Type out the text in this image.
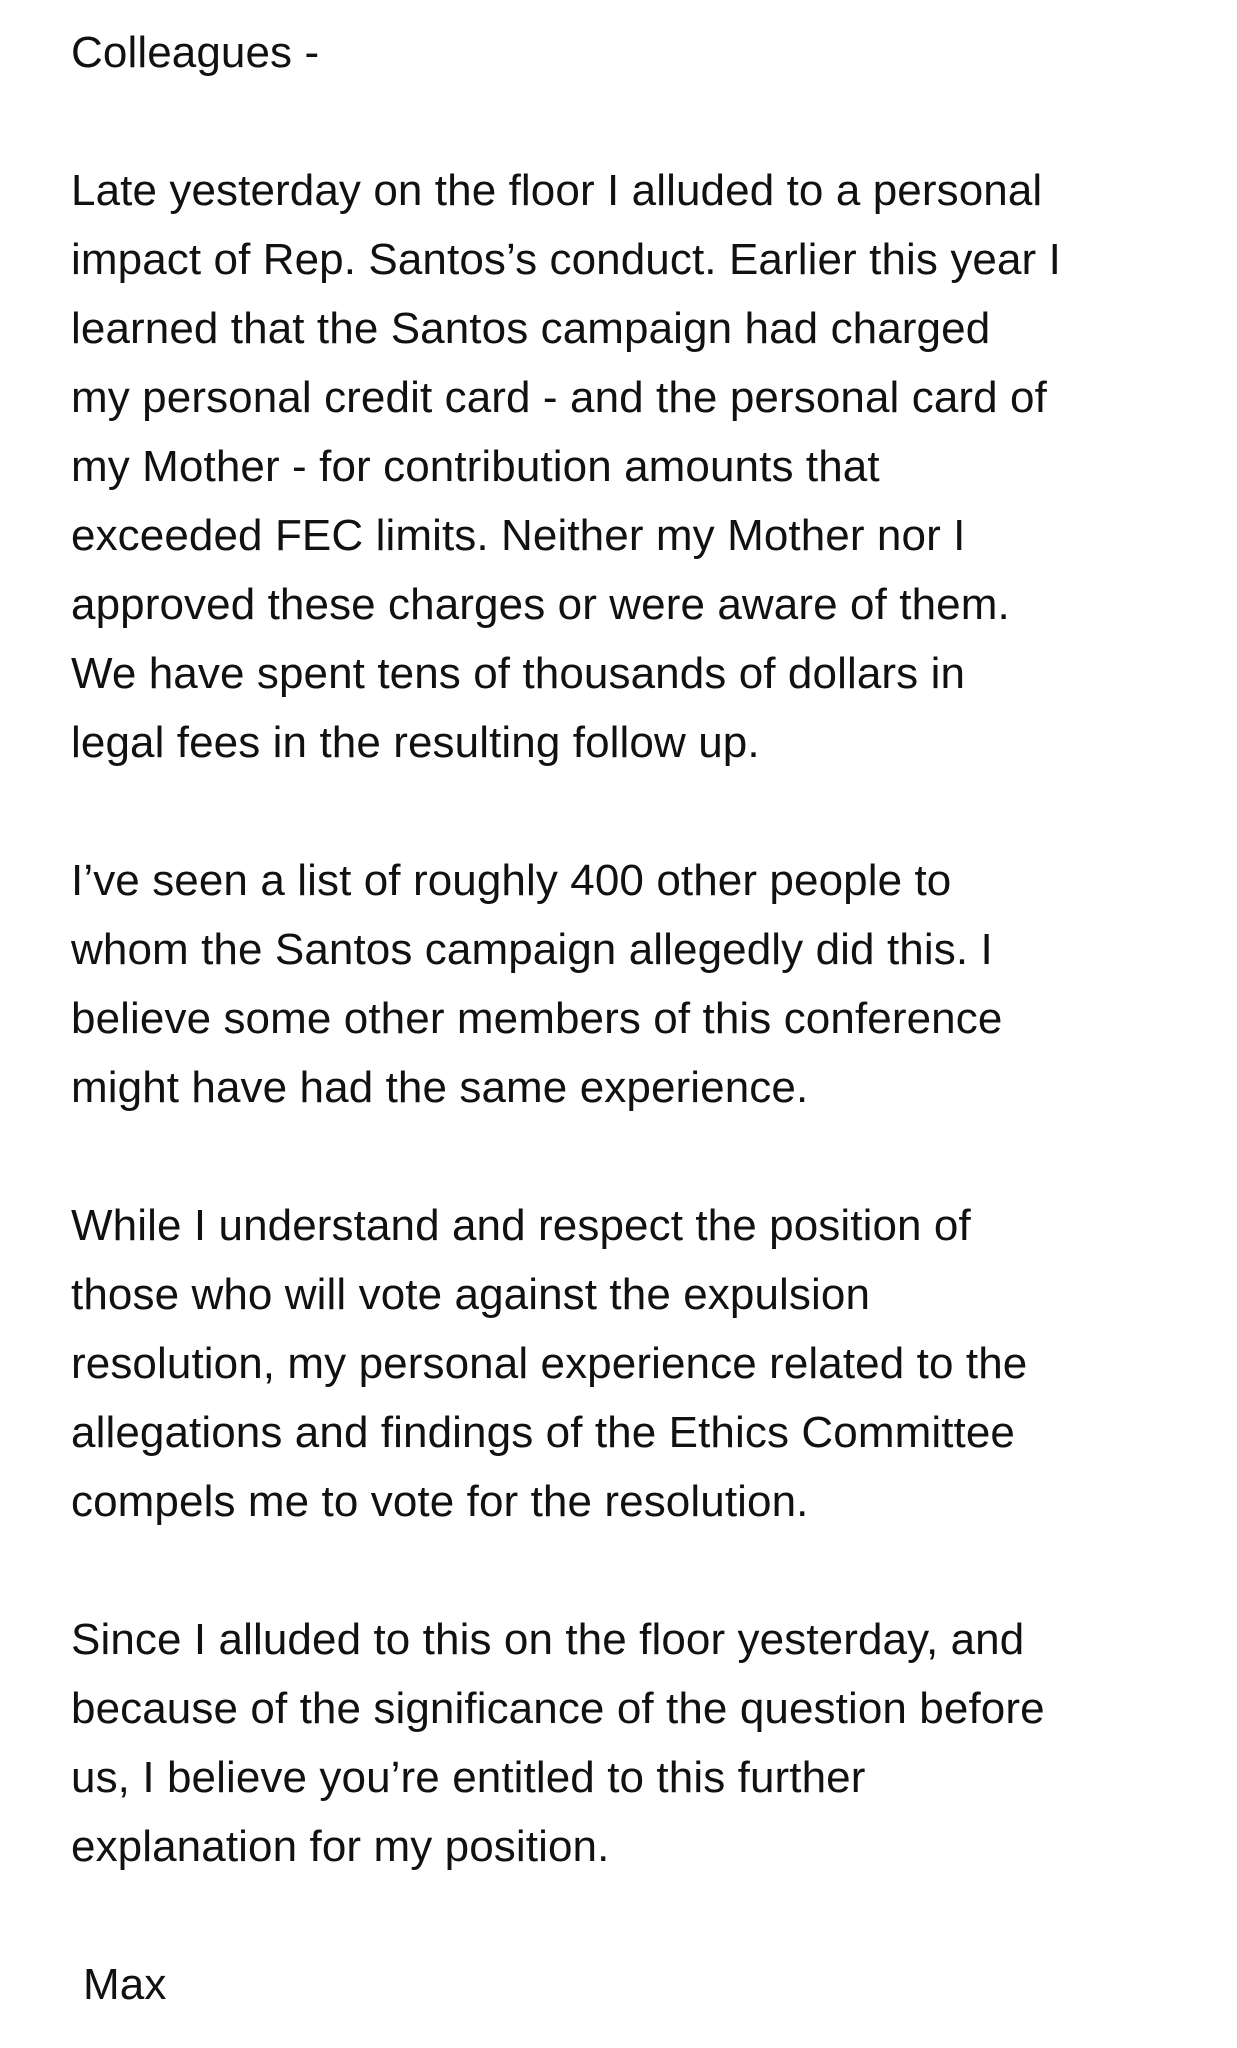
Colleagues -
Late yesterday on the floor I alluded to a personal
impact of Rep. Santos’s conduct. Earlier this year I
learned that the Santos campaign had charged
my personal credit card - and the personal card of
my Mother - for contribution amounts that
exceeded FEC limits. Neither my Mother nor I
approved these charges or were aware of them.
We have spent tens of thousands of dollars in
legal fees in the resulting follow up.
I’ve seen a list of roughly 400 other people to
whom the Santos campaign allegedly did this. I
believe some other members of this conference
might have had the same experience.
While I understand and respect the position of
those who will vote against the expulsion
resolution, my personal experience related to the
allegations and findings of the Ethics Committee
compels me to vote for the resolution.
Since I alluded to this on the floor yesterday, and
because of the significance of the question before
us, I believe you’re entitled to this further
explanation for my position.
Max
